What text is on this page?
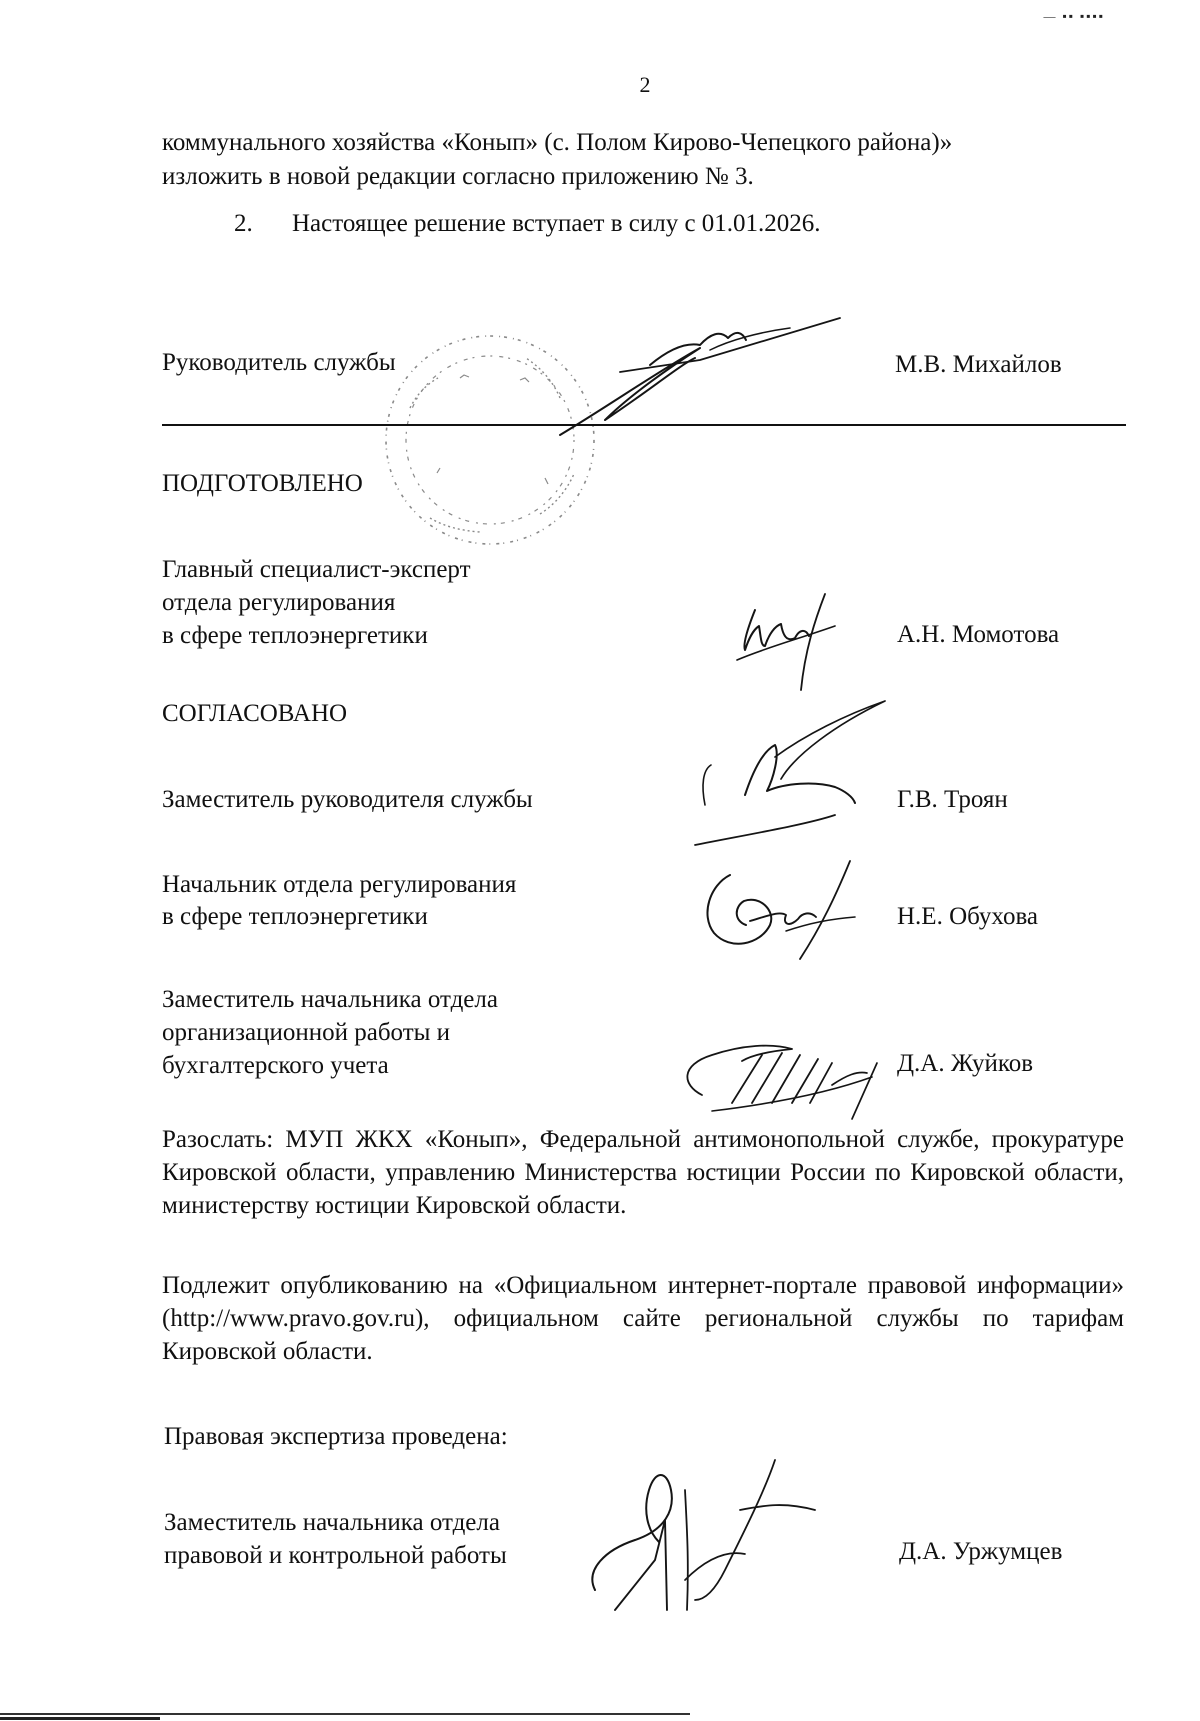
— ▪▪ ▪▪▪▪
2
коммунального хозяйства «Конып» (с. Полом Кирово-Чепецкого района)»
изложить в новой редакции согласно приложению № 3.
2. Настоящее решение вступает в силу с 01.01.2026.
Руководитель службы	М.В. Михайлов
ПОДГОТОВЛЕНО
Главный специалист-эксперт
отдела регулирования
в сфере теплоэнергетики	А.Н. Момотова
СОГЛАСОВАНО
Заместитель руководителя службы	Г.В. Троян
Начальник отдела регулирования
в сфере теплоэнергетики	Н.Е. Обухова
Заместитель начальника отдела
организационной работы и
бухгалтерского учета	Д.А. Жуйков
Разослать: МУП ЖКХ «Конып», Федеральной антимонопольной службе, прокуратуре Кировской области, управлению Министерства юстиции России по Кировской области, министерству юстиции Кировской области.
Подлежит опубликованию на «Официальном интернет-портале правовой информации» (http://www.pravo.gov.ru), официальном сайте региональной службы по тарифам Кировской области.
Правовая экспертиза проведена:
Заместитель начальника отдела
правовой и контрольной работы	Д.А. Уржумцев
